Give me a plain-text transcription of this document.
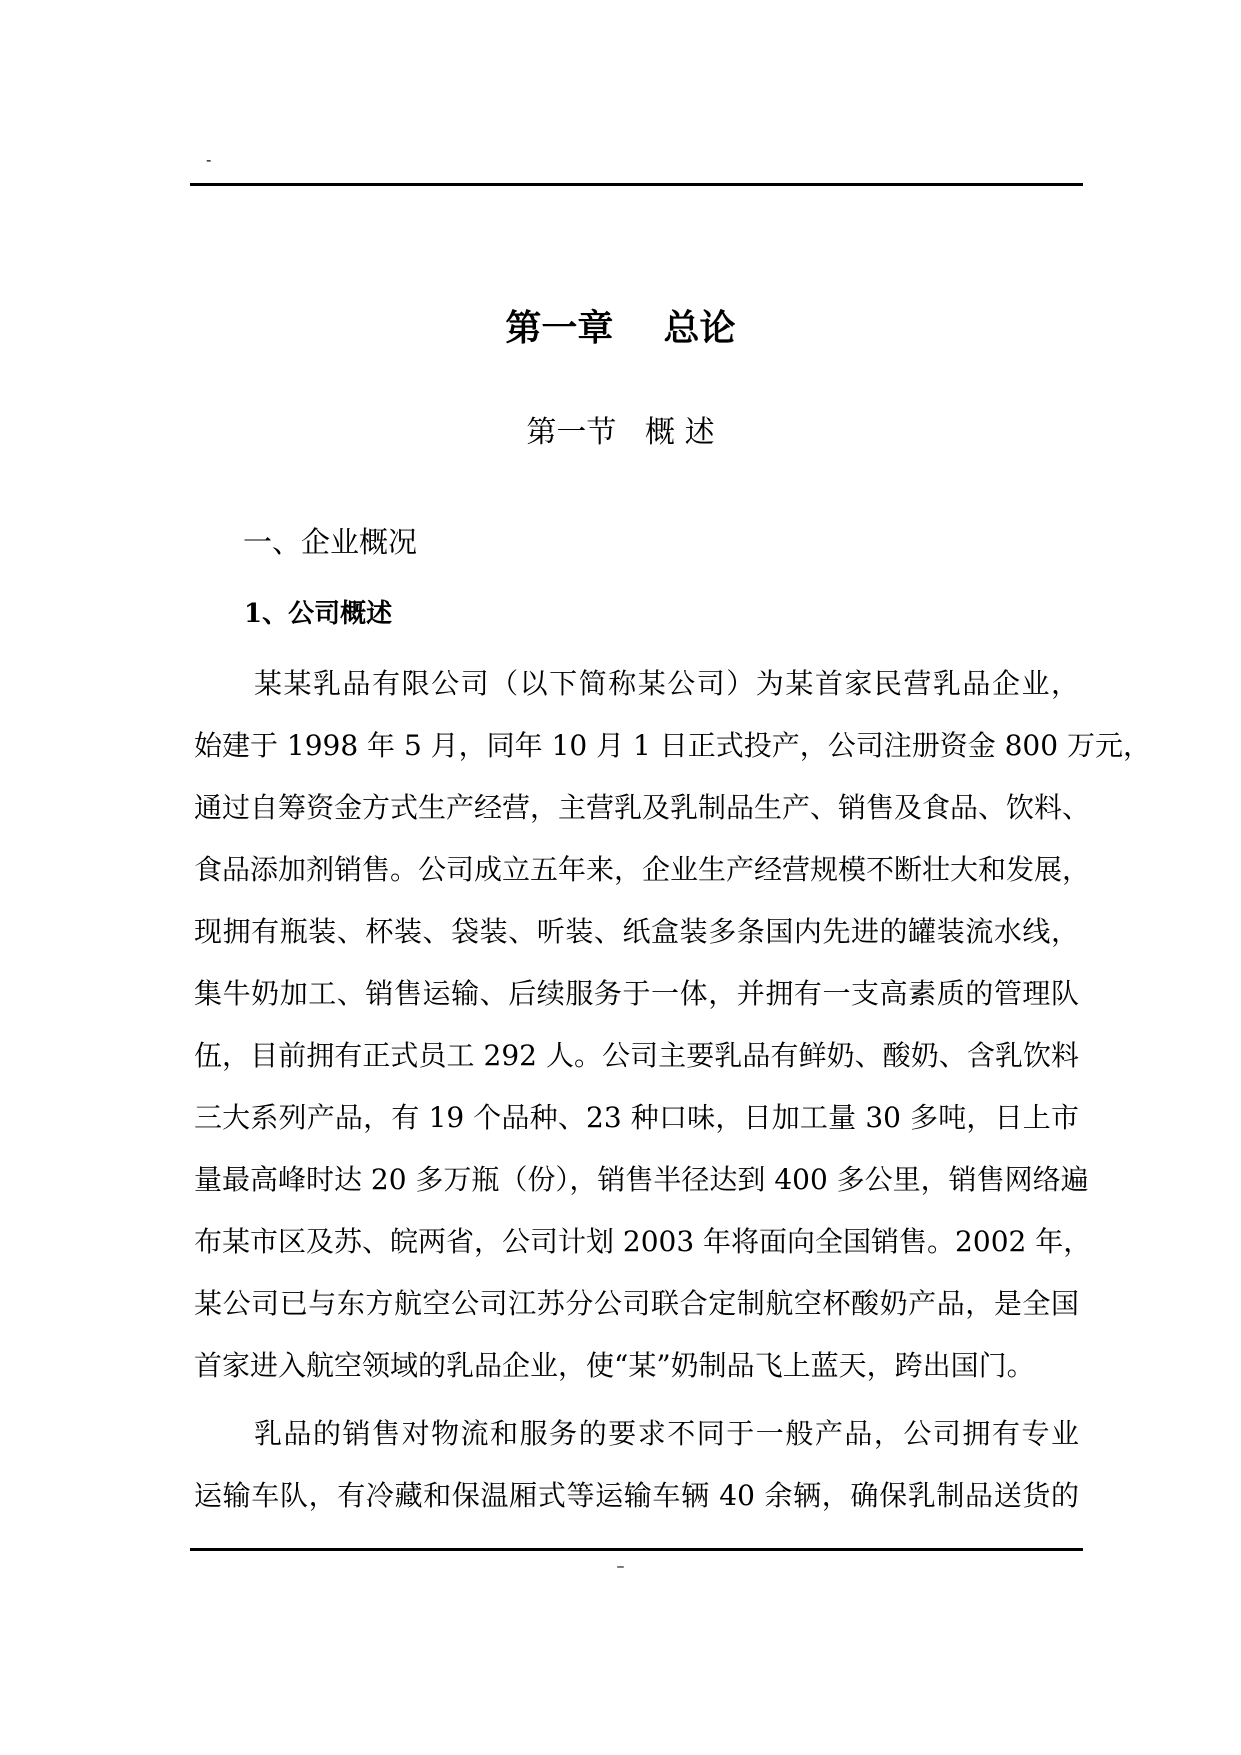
-
第一章    总论
第一节   概 述
一、企业概况
1、公司概述
某某乳品有限公司（以下简称某公司）为某首家民营乳品企业，
始建于 1998 年 5 月，同年 10 月 1 日正式投产，公司注册资金 800 万元，
通过自筹资金方式生产经营，主营乳及乳制品生产、销售及食品、饮料、
食品添加剂销售。公司成立五年来，企业生产经营规模不断壮大和发展，
现拥有瓶装、杯装、袋装、听装、纸盒装多条国内先进的罐装流水线，
集牛奶加工、销售运输、后续服务于一体，并拥有一支高素质的管理队
伍，目前拥有正式员工 292 人。公司主要乳品有鲜奶、酸奶、含乳饮料
三大系列产品，有 19 个品种、23 种口味，日加工量 30 多吨，日上市
量最高峰时达 20 多万瓶（份），销售半径达到 400 多公里，销售网络遍
布某市区及苏、皖两省，公司计划 2003 年将面向全国销售。2002 年，
某公司已与东方航空公司江苏分公司联合定制航空杯酸奶产品，是全国
首家进入航空领域的乳品企业，使“某”奶制品飞上蓝天，跨出国门。
乳品的销售对物流和服务的要求不同于一般产品，公司拥有专业
运输车队，有冷藏和保温厢式等运输车辆 40 余辆，确保乳制品送货的
–
